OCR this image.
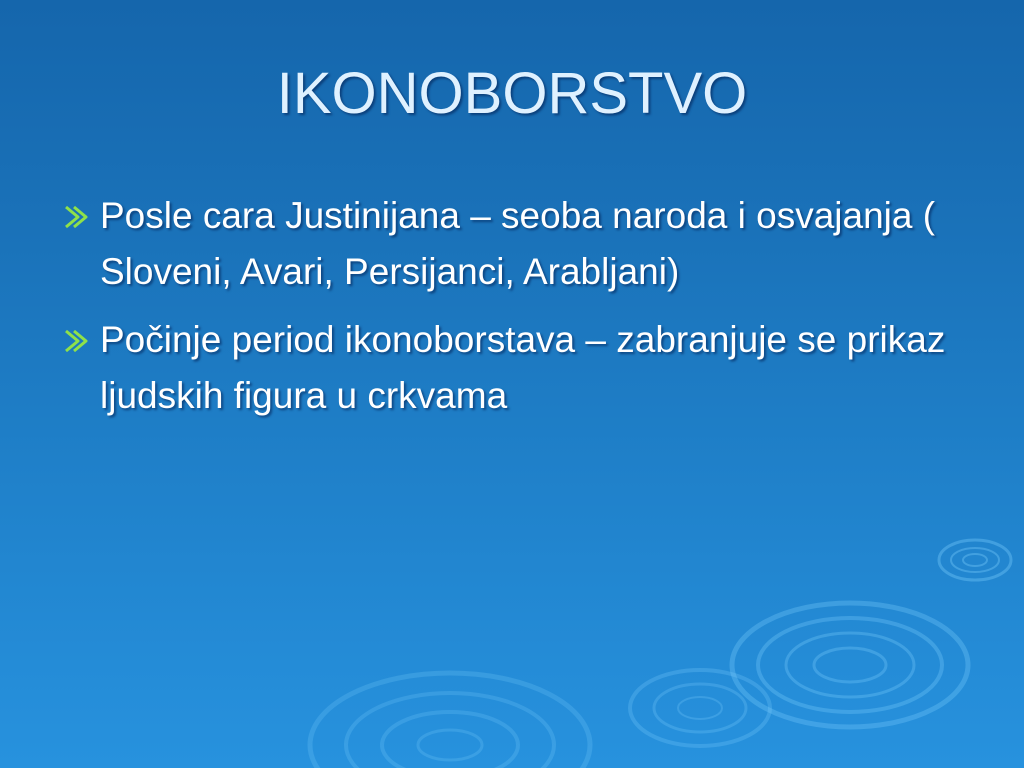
IKONOBORSTVO
Posle cara Justinijana – seoba naroda i osvajanja ( Sloveni, Avari, Persijanci, Arabljani)
Počinje period ikonoborstava – zabranjuje se prikaz ljudskih figura u crkvama
